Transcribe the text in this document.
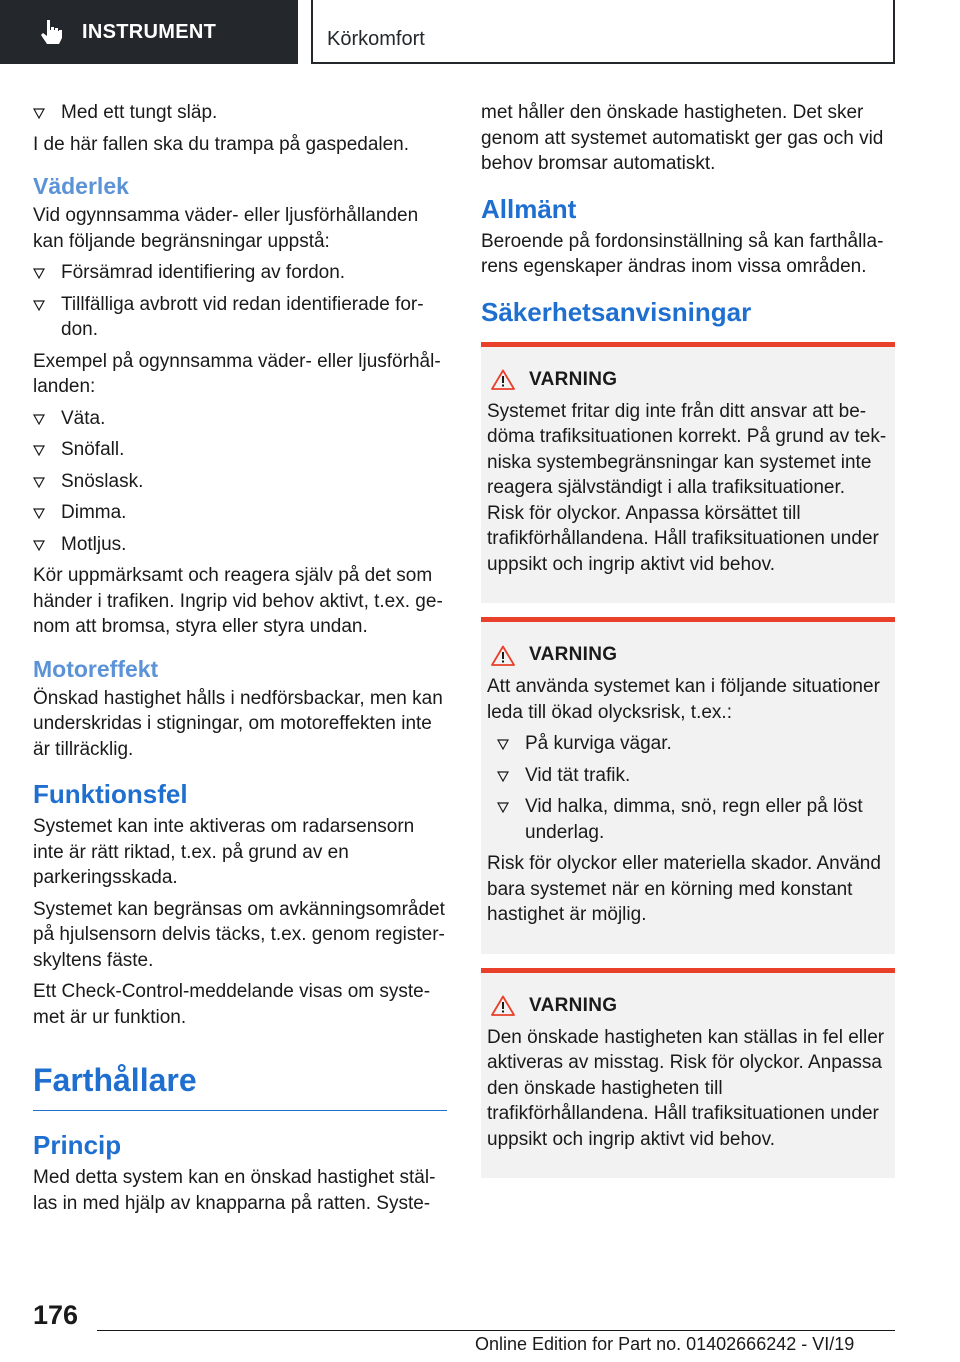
INSTRUMENT	Körkomfort
Med ett tungt släp.

I de här fallen ska du trampa på gaspedalen.

Väderlek

Vid ogynnsamma väder- eller ljusförhållanden kan följande begränsningar uppstå:

Försämrad identifiering av fordon.
Tillfälliga avbrott vid redan identifierade fordon.

Exempel på ogynnsamma väder- eller ljusförhållanden:

Väta.
Snöfall.
Snöslask.
Dimma.
Motljus.

Kör uppmärksamt och reagera själv på det som händer i trafiken. Ingrip vid behov aktivt, t.ex. genom att bromsa, styra eller styra undan.

Motoreffekt

Önskad hastighet hålls i nedförsbackar, men kan underskridas i stigningar, om motoreffekten inte är tillräcklig.

Funktionsfel

Systemet kan inte aktiveras om radarsensorn inte är rätt riktad, t.ex. på grund av en parkeringsskada.

Systemet kan begränsas om avkänningsområdet på hjulsensorn delvis täcks, t.ex. genom registerskyltens fäste.

Ett Check-Control-meddelande visas om systemet är ur funktion.

Farthållare
Princip

Med detta system kan en önskad hastighet ställas in med hjälp av knapparna på ratten. Syste-

met håller den önskade hastigheten. Det sker genom att systemet automatiskt ger gas och vid behov bromsar automatiskt.

Allmänt

Beroende på fordonsinställning så kan farthållarens egenskaper ändras inom vissa områden.

Säkerhetsanvisningar
VARNING

Systemet fritar dig inte från ditt ansvar att bedöma trafiksituationen korrekt. På grund av tekniska systembegränsningar kan systemet inte reagera självständigt i alla trafiksituationer. Risk för olyckor. Anpassa körsättet till trafikförhållandena. Håll trafiksituationen under uppsikt och ingrip aktivt vid behov.

VARNING

Att använda systemet kan i följande situationer leda till ökad olycksrisk, t.ex.:

På kurviga vägar.
Vid tät trafik.
Vid halka, dimma, snö, regn eller på löst underlag.

Risk för olyckor eller materiella skador. Använd bara systemet när en körning med konstant hastighet är möjlig.

VARNING

Den önskade hastigheten kan ställas in fel eller aktiveras av misstag. Risk för olyckor. Anpassa den önskade hastigheten till trafikförhållandena. Håll trafiksituationen under uppsikt och ingrip aktivt vid behov.

176
Online Edition for Part no. 01402666242 - VI/19
